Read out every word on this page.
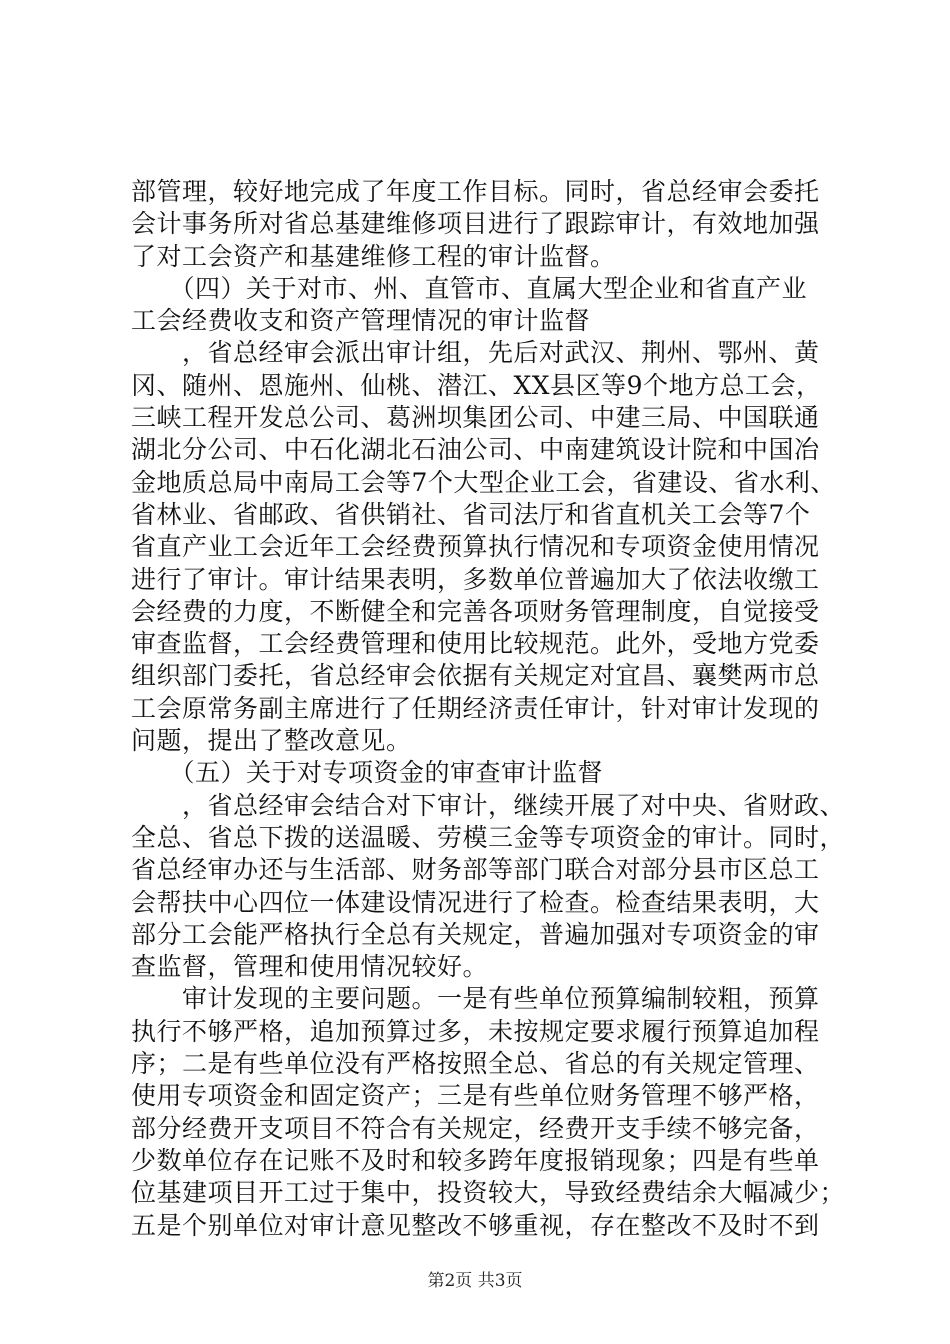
部管理，较好地完成了年度工作目标。同时，省总经审会委托
会计事务所对省总基建维修项目进行了跟踪审计，有效地加强
了对工会资产和基建维修工程的审计监督。
　　（四）关于对市、州、直管市、直属大型企业和省直产业
工会经费收支和资产管理情况的审计监督
　　，省总经审会派出审计组，先后对武汉、荆州、鄂州、黄
冈、随州、恩施州、仙桃、潜江、XX县区等9个地方总工会，
三峡工程开发总公司、葛洲坝集团公司、中建三局、中国联通
湖北分公司、中石化湖北石油公司、中南建筑设计院和中国冶
金地质总局中南局工会等7个大型企业工会，省建设、省水利、
省林业、省邮政、省供销社、省司法厅和省直机关工会等7个
省直产业工会近年工会经费预算执行情况和专项资金使用情况
进行了审计。审计结果表明，多数单位普遍加大了依法收缴工
会经费的力度，不断健全和完善各项财务管理制度，自觉接受
审查监督，工会经费管理和使用比较规范。此外，受地方党委
组织部门委托，省总经审会依据有关规定对宜昌、襄樊两市总
工会原常务副主席进行了任期经济责任审计，针对审计发现的
问题，提出了整改意见。
　　（五）关于对专项资金的审查审计监督
　　，省总经审会结合对下审计，继续开展了对中央、省财政、
全总、省总下拨的送温暖、劳模三金等专项资金的审计。同时，
省总经审办还与生活部、财务部等部门联合对部分县市区总工
会帮扶中心四位一体建设情况进行了检查。检查结果表明，大
部分工会能严格执行全总有关规定，普遍加强对专项资金的审
查监督，管理和使用情况较好。
　　审计发现的主要问题。一是有些单位预算编制较粗，预算
执行不够严格，追加预算过多，未按规定要求履行预算追加程
序；二是有些单位没有严格按照全总、省总的有关规定管理、
使用专项资金和固定资产；三是有些单位财务管理不够严格，
部分经费开支项目不符合有关规定，经费开支手续不够完备，
少数单位存在记账不及时和较多跨年度报销现象；四是有些单
位基建项目开工过于集中，投资较大，导致经费结余大幅减少；
五是个别单位对审计意见整改不够重视，存在整改不及时不到
第2页 共3页
